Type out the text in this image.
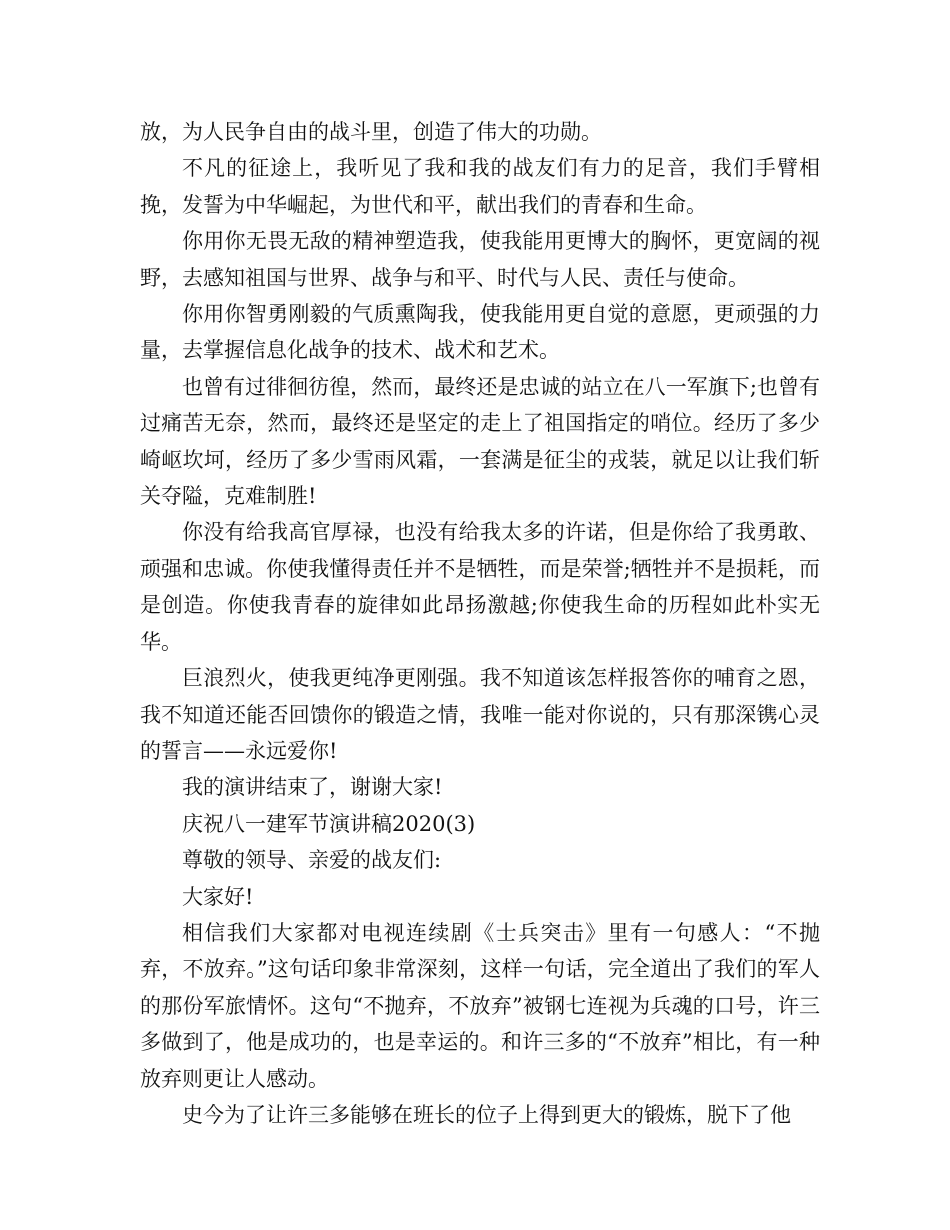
放，为人民争自由的战斗里，创造了伟大的功勋。

不凡的征途上，我听见了我和我的战友们有力的足音，我们手臂相挽，发誓为中华崛起，为世代和平，献出我们的青春和生命。

你用你无畏无敌的精神塑造我，使我能用更博大的胸怀，更宽阔的视野，去感知祖国与世界、战争与和平、时代与人民、责任与使命。

你用你智勇刚毅的气质熏陶我，使我能用更自觉的意愿，更顽强的力量，去掌握信息化战争的技术、战术和艺术。

也曾有过徘徊彷徨，然而，最终还是忠诚的站立在八一军旗下;也曾有过痛苦无奈，然而，最终还是坚定的走上了祖国指定的哨位。经历了多少崎岖坎坷，经历了多少雪雨风霜，一套满是征尘的戎装，就足以让我们斩关夺隘，克难制胜!

你没有给我高官厚禄，也没有给我太多的许诺，但是你给了我勇敢、顽强和忠诚。你使我懂得责任并不是牺牲，而是荣誉;牺牲并不是损耗，而是创造。你使我青春的旋律如此昂扬激越;你使我生命的历程如此朴实无华。

巨浪烈火，使我更纯净更刚强。我不知道该怎样报答你的哺育之恩，我不知道还能否回馈你的锻造之情，我唯一能对你说的，只有那深镌心灵的誓言——永远爱你!

我的演讲结束了，谢谢大家!

庆祝八一建军节演讲稿2020(3)

尊敬的领导、亲爱的战友们:

大家好!

相信我们大家都对电视连续剧《士兵突击》里有一句感人：“不抛弃，不放弃。”这句话印象非常深刻，这样一句话，完全道出了我们的军人的那份军旅情怀。这句“不抛弃，不放弃”被钢七连视为兵魂的口号，许三多做到了，他是成功的，也是幸运的。和许三多的“不放弃”相比，有一种放弃则更让人感动。

史今为了让许三多能够在班长的位子上得到更大的锻炼，脱下了他
